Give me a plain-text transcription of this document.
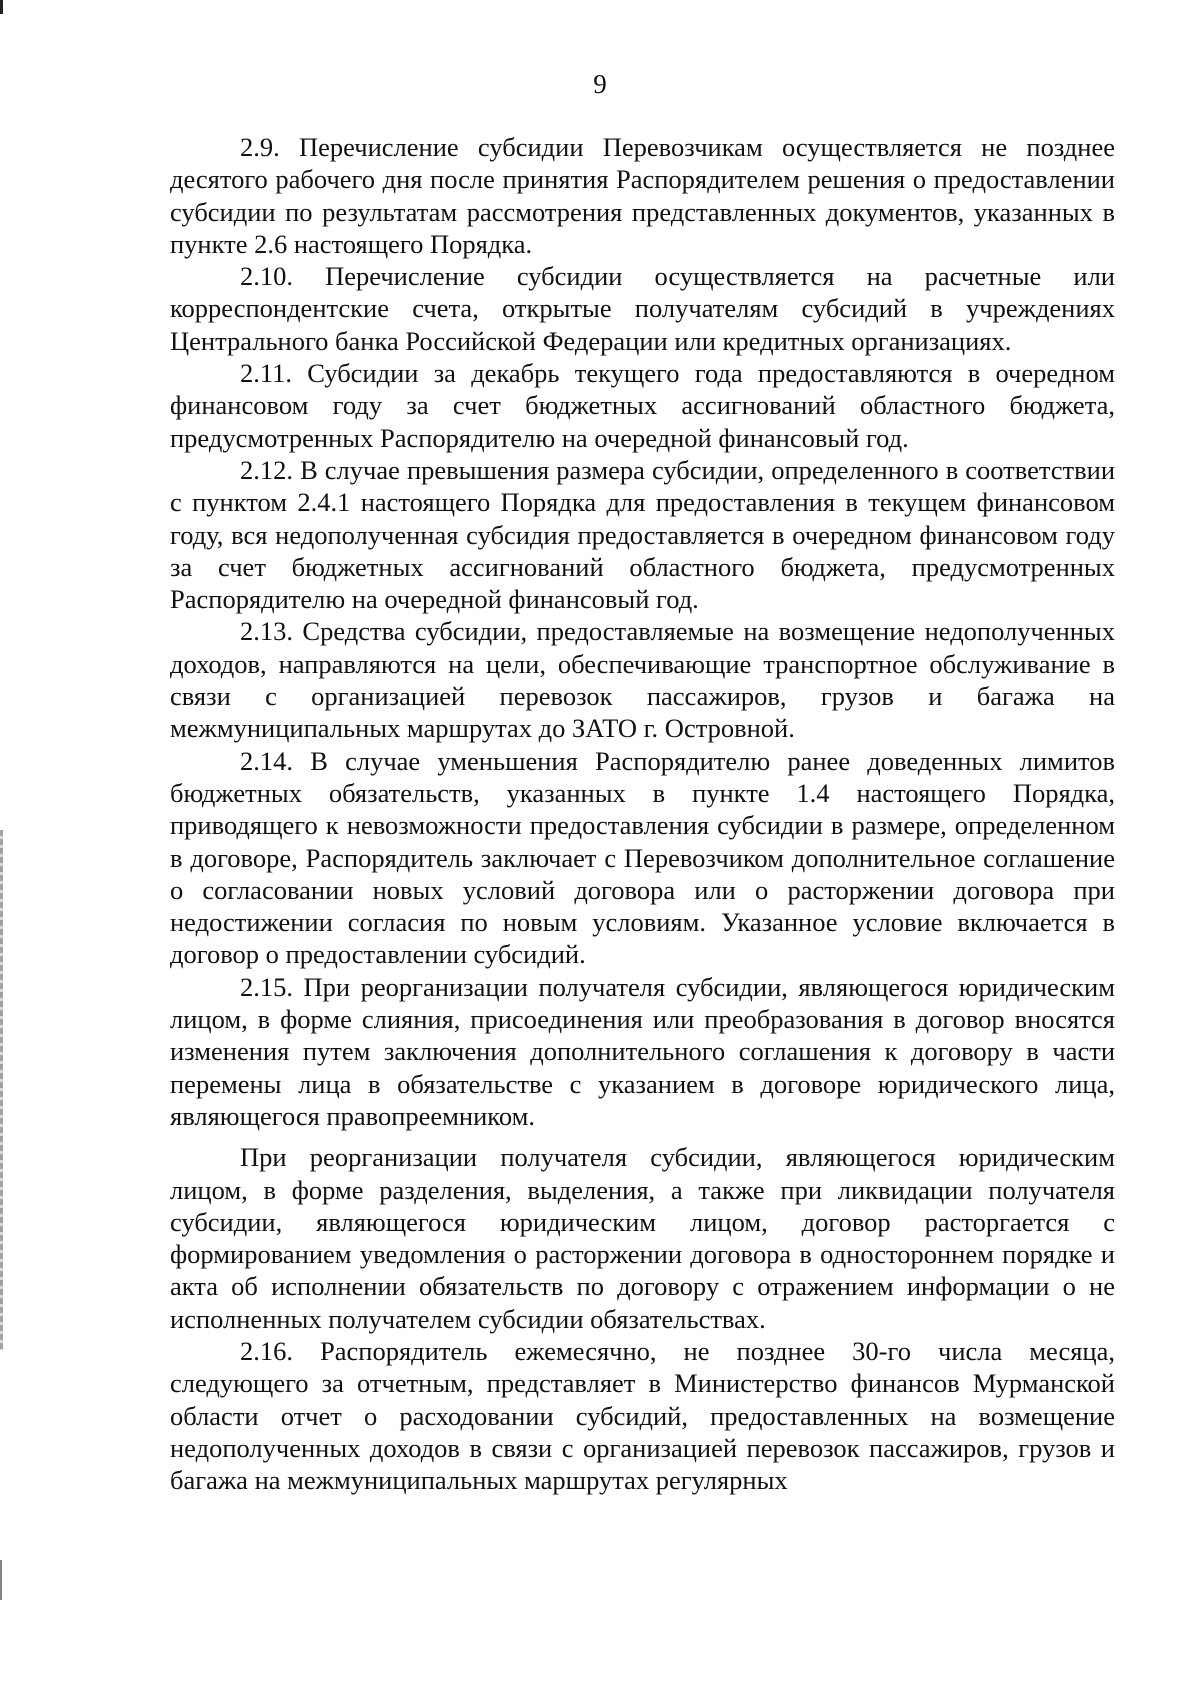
9

2.9. Перечисление субсидии Перевозчикам осуществляется не позднее десятого рабочего дня после принятия Распорядителем решения о предоставлении субсидии по результатам рассмотрения представленных документов, указанных в пункте 2.6 настоящего Порядка.

2.10. Перечисление субсидии осуществляется на расчетные или корреспондентские счета, открытые получателям субсидий в учреждениях Центрального банка Российской Федерации или кредитных организациях.

2.11. Субсидии за декабрь текущего года предоставляются в очередном финансовом году за счет бюджетных ассигнований областного бюджета, предусмотренных Распорядителю на очередной финансовый год.

2.12. В случае превышения размера субсидии, определенного в соответствии с пунктом 2.4.1 настоящего Порядка для предоставления в текущем финансовом году, вся недополученная субсидия предоставляется в очередном финансовом году за счет бюджетных ассигнований областного бюджета, предусмотренных Распорядителю на очередной финансовый год.

2.13. Средства субсидии, предоставляемые на возмещение недополученных доходов, направляются на цели, обеспечивающие транспортное обслуживание в связи с организацией перевозок пассажиров, грузов и багажа на межмуниципальных маршрутах до ЗАТО г. Островной.

2.14. В случае уменьшения Распорядителю ранее доведенных лимитов бюджетных обязательств, указанных в пункте 1.4 настоящего Порядка, приводящего к невозможности предоставления субсидии в размере, определенном в договоре, Распорядитель заключает с Перевозчиком дополнительное соглашение о согласовании новых условий договора или о расторжении договора при недостижении согласия по новым условиям. Указанное условие включается в договор о предоставлении субсидий.

2.15. При реорганизации получателя субсидии, являющегося юридическим лицом, в форме слияния, присоединения или преобразования в договор вносятся изменения путем заключения дополнительного соглашения к договору в части перемены лица в обязательстве с указанием в договоре юридического лица, являющегося правопреемником.

При реорганизации получателя субсидии, являющегося юридическим лицом, в форме разделения, выделения, а также при ликвидации получателя субсидии, являющегося юридическим лицом, договор расторгается с формированием уведомления о расторжении договора в одностороннем порядке и акта об исполнении обязательств по договору с отражением информации о не исполненных получателем субсидии обязательствах.

2.16. Распорядитель ежемесячно, не позднее 30-го числа месяца, следующего за отчетным, представляет в Министерство финансов Мурманской области отчет о расходовании субсидий, предоставленных на возмещение недополученных доходов в связи с организацией перевозок пассажиров, грузов и багажа на межмуниципальных маршрутах регулярных
